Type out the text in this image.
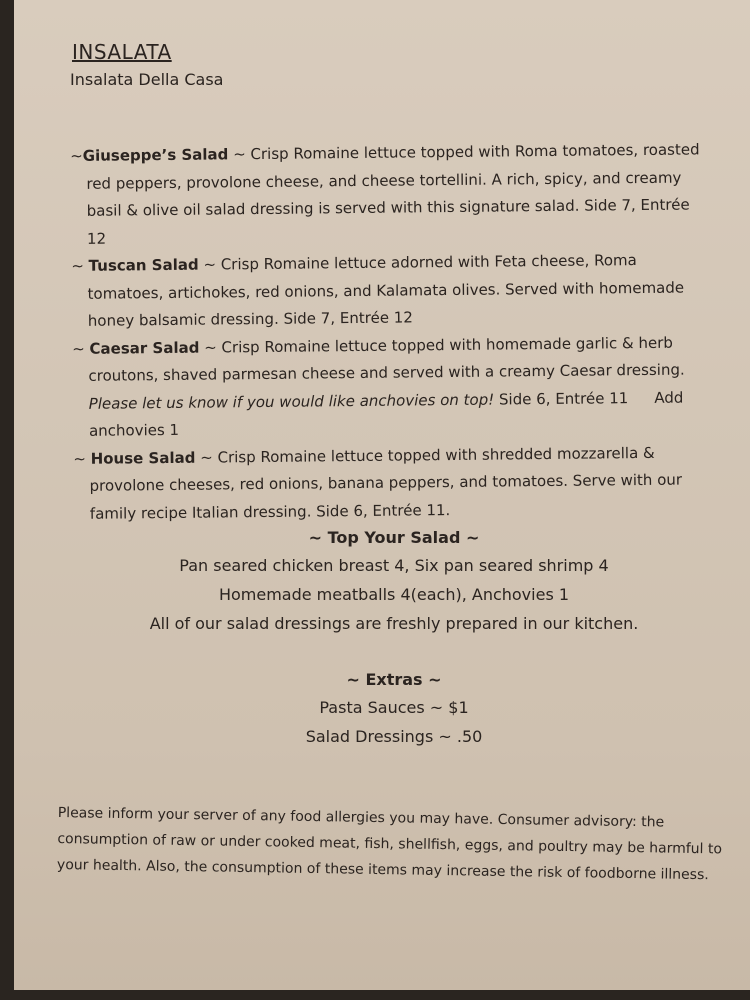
INSALATA
Insalata Della Casa
~Giuseppe’s Salad ~ Crisp Romaine lettuce topped with Roma tomatoes, roasted red peppers, provolone cheese, and cheese tortellini. A rich, spicy, and creamy basil & olive oil salad dressing is served with this signature salad. Side 7, Entrée 12
~ Tuscan Salad ~ Crisp Romaine lettuce adorned with Feta cheese, Roma tomatoes, artichokes, red onions, and Kalamata olives. Served with homemade honey balsamic dressing. Side 7, Entrée 12
~ Caesar Salad ~ Crisp Romaine lettuce topped with homemade garlic & herb croutons, shaved parmesan cheese and served with a creamy Caesar dressing. Please let us know if you would like anchovies on top! Side 6, Entrée 11 Add anchovies 1
~ House Salad ~ Crisp Romaine lettuce topped with shredded mozzarella & provolone cheeses, red onions, banana peppers, and tomatoes. Serve with our family recipe Italian dressing. Side 6, Entrée 11.
~ Top Your Salad ~
Pan seared chicken breast 4, Six pan seared shrimp 4
Homemade meatballs 4(each), Anchovies 1
All of our salad dressings are freshly prepared in our kitchen.
~ Extras ~
Pasta Sauces ~ $1
Salad Dressings ~ .50

Please inform your server of any food allergies you may have. Consumer advisory: the consumption of raw or under cooked meat, fish, shellfish, eggs, and poultry may be harmful to your health. Also, the consumption of these items may increase the risk of foodborne illness.
